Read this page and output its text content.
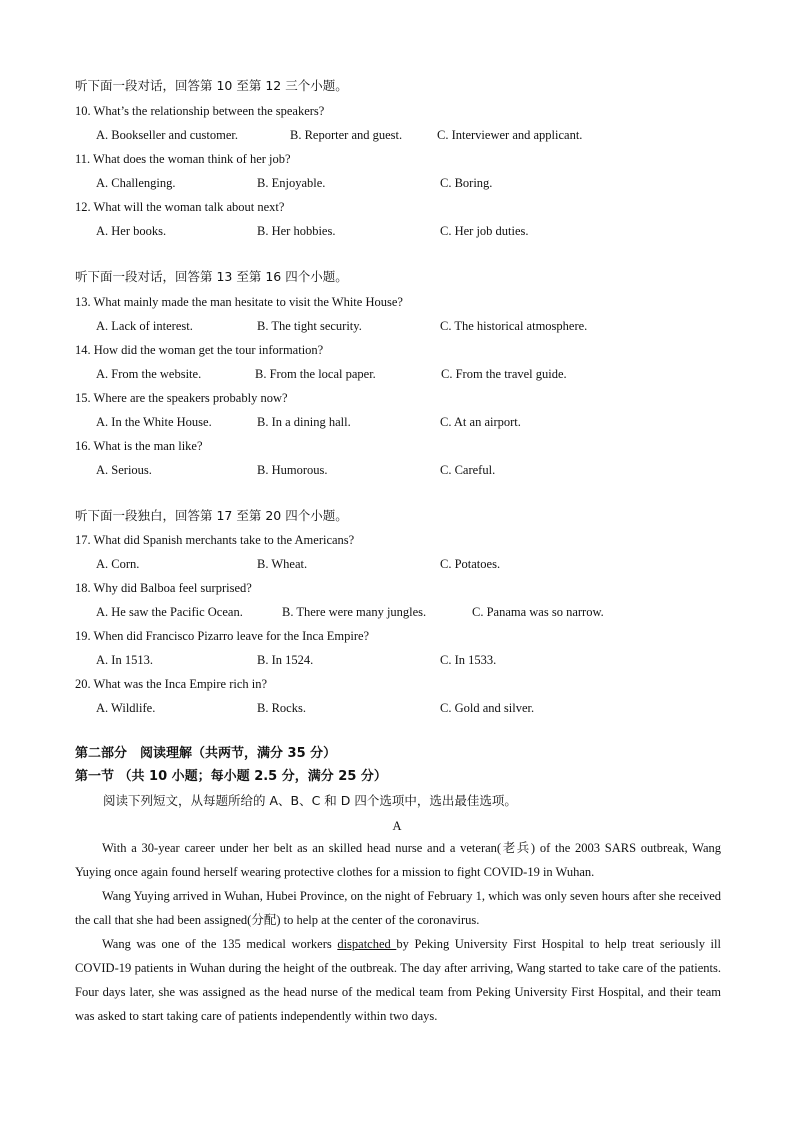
听下面一段对话，回答第 10 至第 12 三个小题。
10. What’s the relationship between the speakers?
A. Bookseller and customer.	B. Reporter and guest.	C. Interviewer and applicant.
11. What does the woman think of her job?
A. Challenging.	B. Enjoyable.	C. Boring.
12. What will the woman talk about next?
A. Her books.	B. Her hobbies.	C. Her job duties.
听下面一段对话，回答第 13 至第 16 四个小题。
13. What mainly made the man hesitate to visit the White House?
A. Lack of interest.	B. The tight security.	C. The historical atmosphere.
14. How did the woman get the tour information?
A. From the website.	B. From the local paper.	C. From the travel guide.
15. Where are the speakers probably now?
A. In the White House.	B. In a dining hall.	C. At an airport.
16. What is the man like?
A. Serious.	B. Humorous.	C. Careful.
听下面一段独白，回答第 17 至第 20 四个小题。
17. What did Spanish merchants take to the Americans?
A. Corn.	B. Wheat.	C. Potatoes.
18. Why did Balboa feel surprised?
A. He saw the Pacific Ocean.	B. There were many jungles.	C. Panama was so narrow.
19. When did Francisco Pizarro leave for the Inca Empire?
A. In 1513.	B. In 1524.	C. In 1533.
20. What was the Inca Empire rich in?
A. Wildlife.	B. Rocks.	C. Gold and silver.
第二部分　阅读理解（共两节，满分 35 分）
第一节 （共 10 小题；每小题 2.5 分，满分 25 分）
阅读下列短文，从每题所给的 A、B、C 和 D 四个选项中，选出最佳选项。
A
With a 30-year career under her belt as an skilled head nurse and a veteran(老兵) of the 2003 SARS outbreak, Wang Yuying once again found herself wearing protective clothes for a mission to fight COVID-19 in Wuhan.
Wang Yuying arrived in Wuhan, Hubei Province, on the night of February 1, which was only seven hours after she received the call that she had been assigned(分配) to help at the center of the coronavirus.
Wang was one of the 135 medical workers dispatched by Peking University First Hospital to help treat seriously ill COVID-19 patients in Wuhan during the height of the outbreak. The day after arriving, Wang started to take care of the patients. Four days later, she was assigned as the head nurse of the medical team from Peking University First Hospital, and their team was asked to start taking care of patients independently within two days.
